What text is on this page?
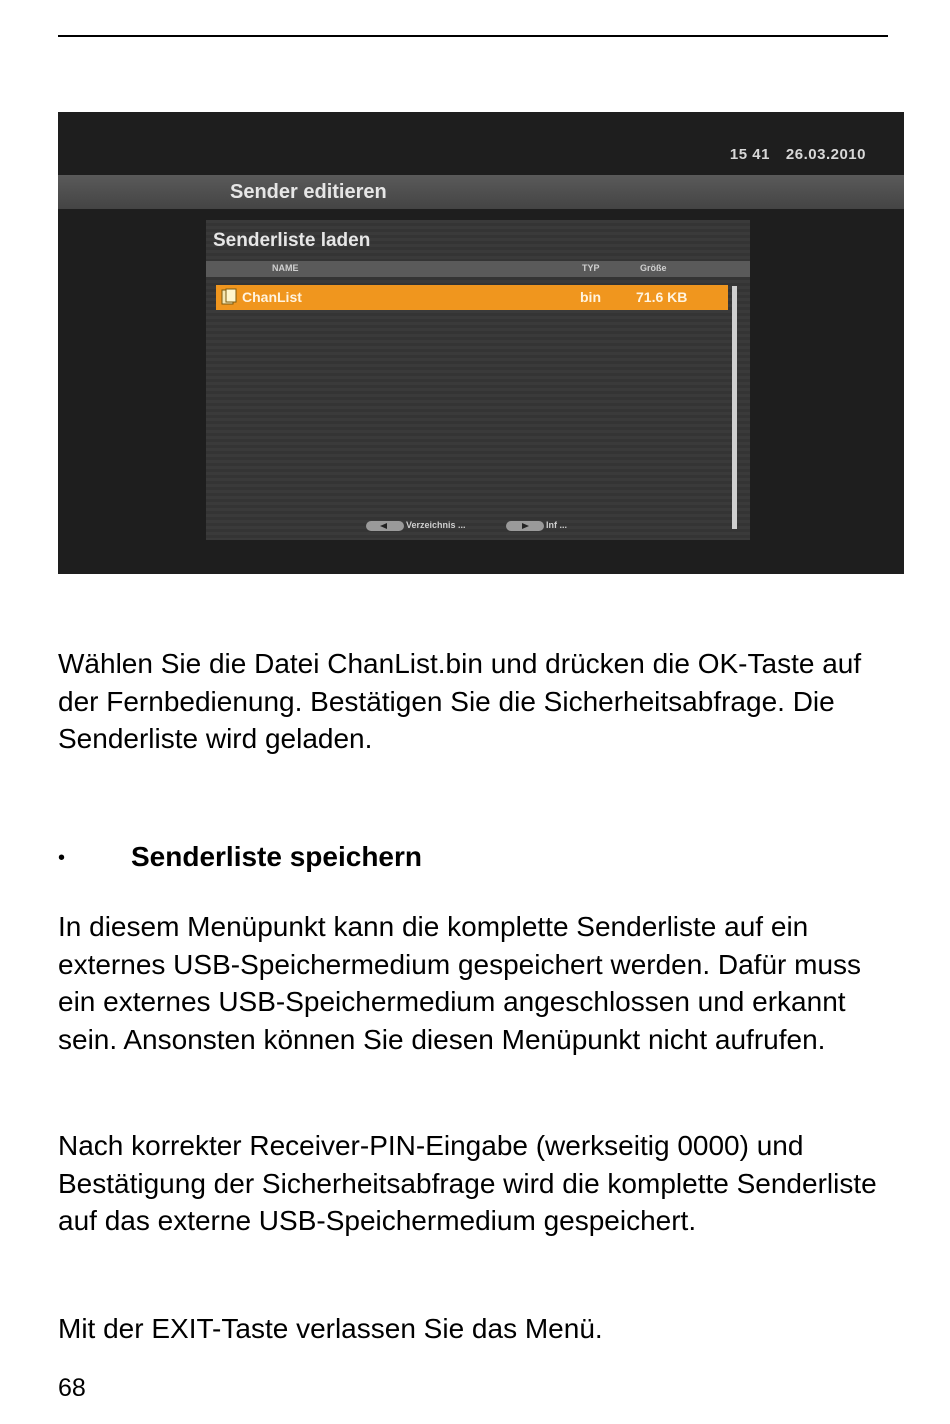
15 41 26.03.2010
Sender editieren
Senderliste laden
NAME	TYP	Größe
ChanList	bin	71.6 KB
Verzeichnis ...	Inf ...

Wählen Sie die Datei ChanList.bin und drücken die OK-Taste auf der Fernbedienung. Bestätigen Sie die Sicherheitsabfrage. Die Senderliste wird geladen.

• Senderliste speichern

In diesem Menüpunkt kann die komplette Senderliste auf ein externes USB-Speichermedium gespeichert werden. Dafür muss ein externes USB-Speichermedium angeschlossen und erkannt sein. Ansonsten können Sie diesen Menüpunkt nicht aufrufen.

Nach korrekter Receiver-PIN-Eingabe (werkseitig 0000) und Bestätigung der Sicherheitsabfrage wird die komplette Senderliste auf das externe USB-Speichermedium gespeichert.

Mit der EXIT-Taste verlassen Sie das Menü.

68
